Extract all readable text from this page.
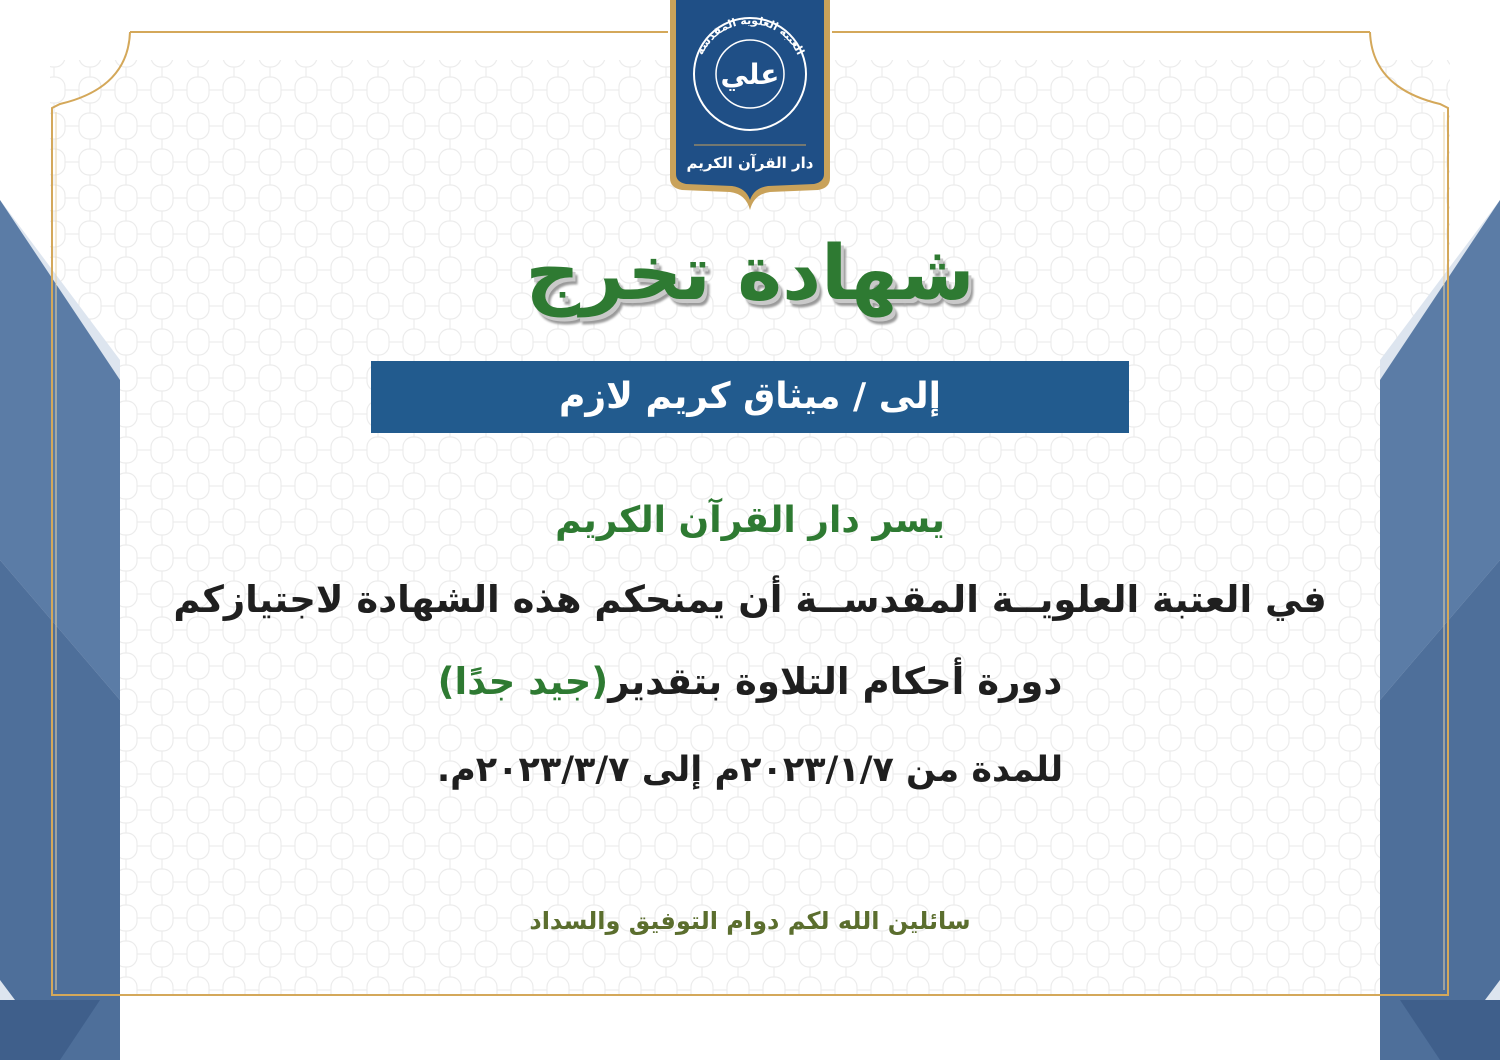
العتبة العلوية المقدسة
علي
دار القرآن الكريم

شهادة تخرج

إلى / ميثاق كريم لازم

يسر دار القرآن الكريم

في العتبة العلويــة المقدســة أن يمنحكم هذه الشهادة لاجتيازكم

دورة أحكام التلاوة بتقدير(جيد جدًا)

للمدة من ٢٠٢٣/١/٧م إلى ٢٠٢٣/٣/٧م.

سائلين الله لكم دوام التوفيق والسداد
